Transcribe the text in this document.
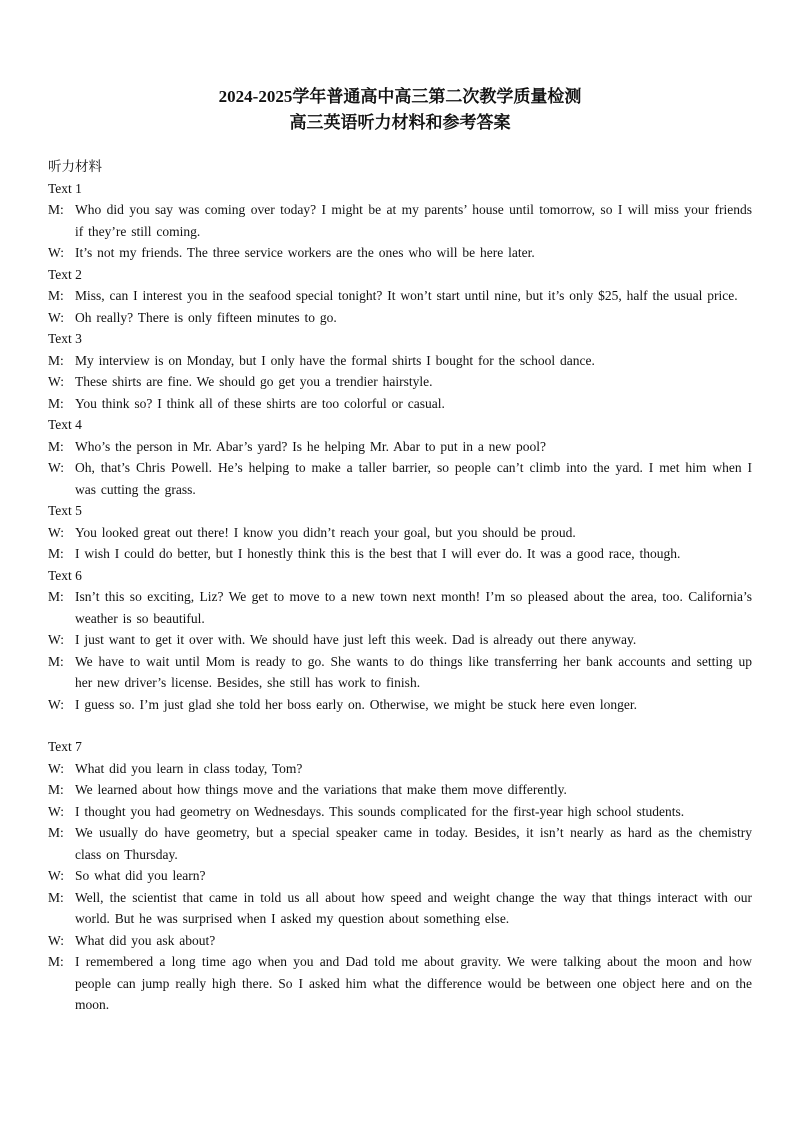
2024-2025学年普通高中高三第二次教学质量检测
高三英语听力材料和参考答案
听力材料
Text 1
M: Who did you say was coming over today? I might be at my parents’ house until tomorrow, so I will miss your friends if they’re still coming.
W: It’s not my friends. The three service workers are the ones who will be here later.
Text 2
M: Miss, can I interest you in the seafood special tonight? It won’t start until nine, but it’s only $25, half the usual price.
W: Oh really? There is only fifteen minutes to go.
Text 3
M: My interview is on Monday, but I only have the formal shirts I bought for the school dance.
W: These shirts are fine. We should go get you a trendier hairstyle.
M: You think so? I think all of these shirts are too colorful or casual.
Text 4
M: Who’s the person in Mr. Abar’s yard? Is he helping Mr. Abar to put in a new pool?
W: Oh, that’s Chris Powell. He’s helping to make a taller barrier, so people can’t climb into the yard. I met him when I was cutting the grass.
Text 5
W: You looked great out there! I know you didn’t reach your goal, but you should be proud.
M: I wish I could do better, but I honestly think this is the best that I will ever do. It was a good race, though.
Text 6
M: Isn’t this so exciting, Liz? We get to move to a new town next month! I’m so pleased about the area, too. California’s weather is so beautiful.
W: I just want to get it over with. We should have just left this week. Dad is already out there anyway.
M: We have to wait until Mom is ready to go. She wants to do things like transferring her bank accounts and setting up her new driver’s license. Besides, she still has work to finish.
W: I guess so. I’m just glad she told her boss early on. Otherwise, we might be stuck here even longer.
Text 7
W: What did you learn in class today, Tom?
M: We learned about how things move and the variations that make them move differently.
W: I thought you had geometry on Wednesdays. This sounds complicated for the first-year high school students.
M: We usually do have geometry, but a special speaker came in today. Besides, it isn’t nearly as hard as the chemistry class on Thursday.
W: So what did you learn?
M: Well, the scientist that came in told us all about how speed and weight change the way that things interact with our world. But he was surprised when I asked my question about something else.
W: What did you ask about?
M: I remembered a long time ago when you and Dad told me about gravity. We were talking about the moon and how people can jump really high there. So I asked him what the difference would be between one object here and on the moon.
